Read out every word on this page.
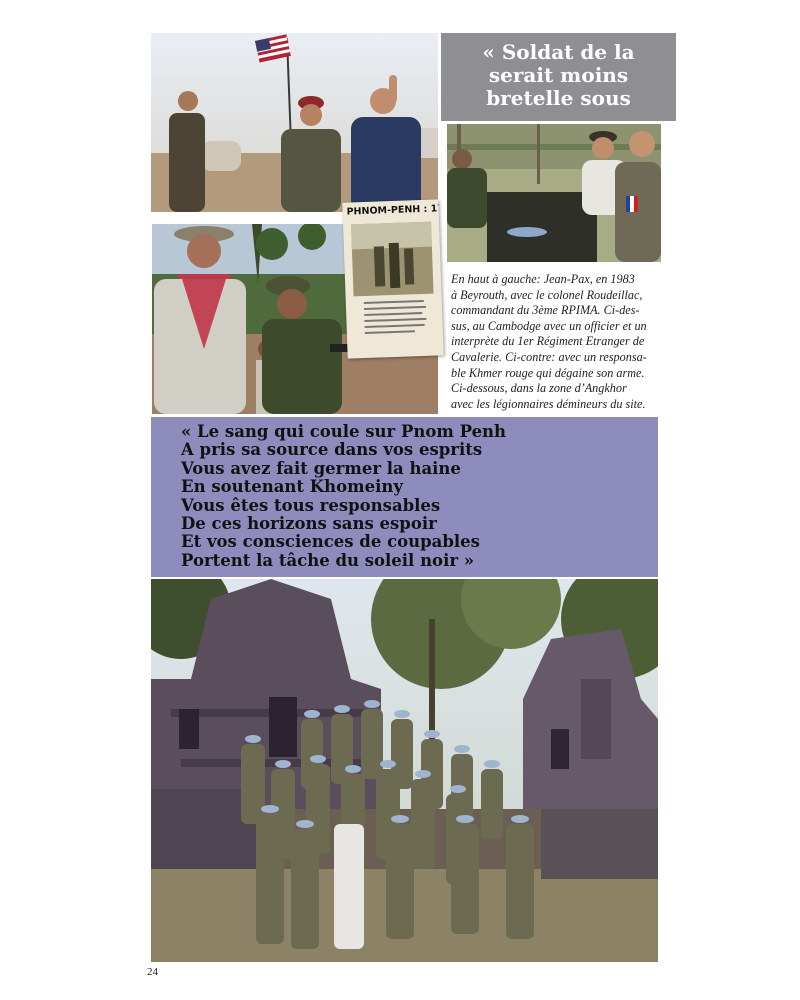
« Soldat de la
serait moins
bretelle sous
PHNOM-PENH : 17
En haut à gauche: Jean-Pax, en 1983
à Beyrouth, avec le colonel Roudeillac,
commandant du 3ème RPIMA. Ci-des-
sus, au Cambodge avec un officier et un
interprète du 1er Régiment Etranger de
Cavalerie. Ci-contre: avec un responsa-
ble Khmer rouge qui dégaine son arme.
Ci-dessous, dans la zone d’Angkhor
avec les légionnaires démineurs du site.
« Le sang qui coule sur Pnom Penh
A pris sa source dans vos esprits
Vous avez fait germer la haine
En soutenant Khomeiny
Vous êtes tous responsables
De ces horizons sans espoir
Et vos consciences de coupables
Portent la tâche du soleil noir »
24
